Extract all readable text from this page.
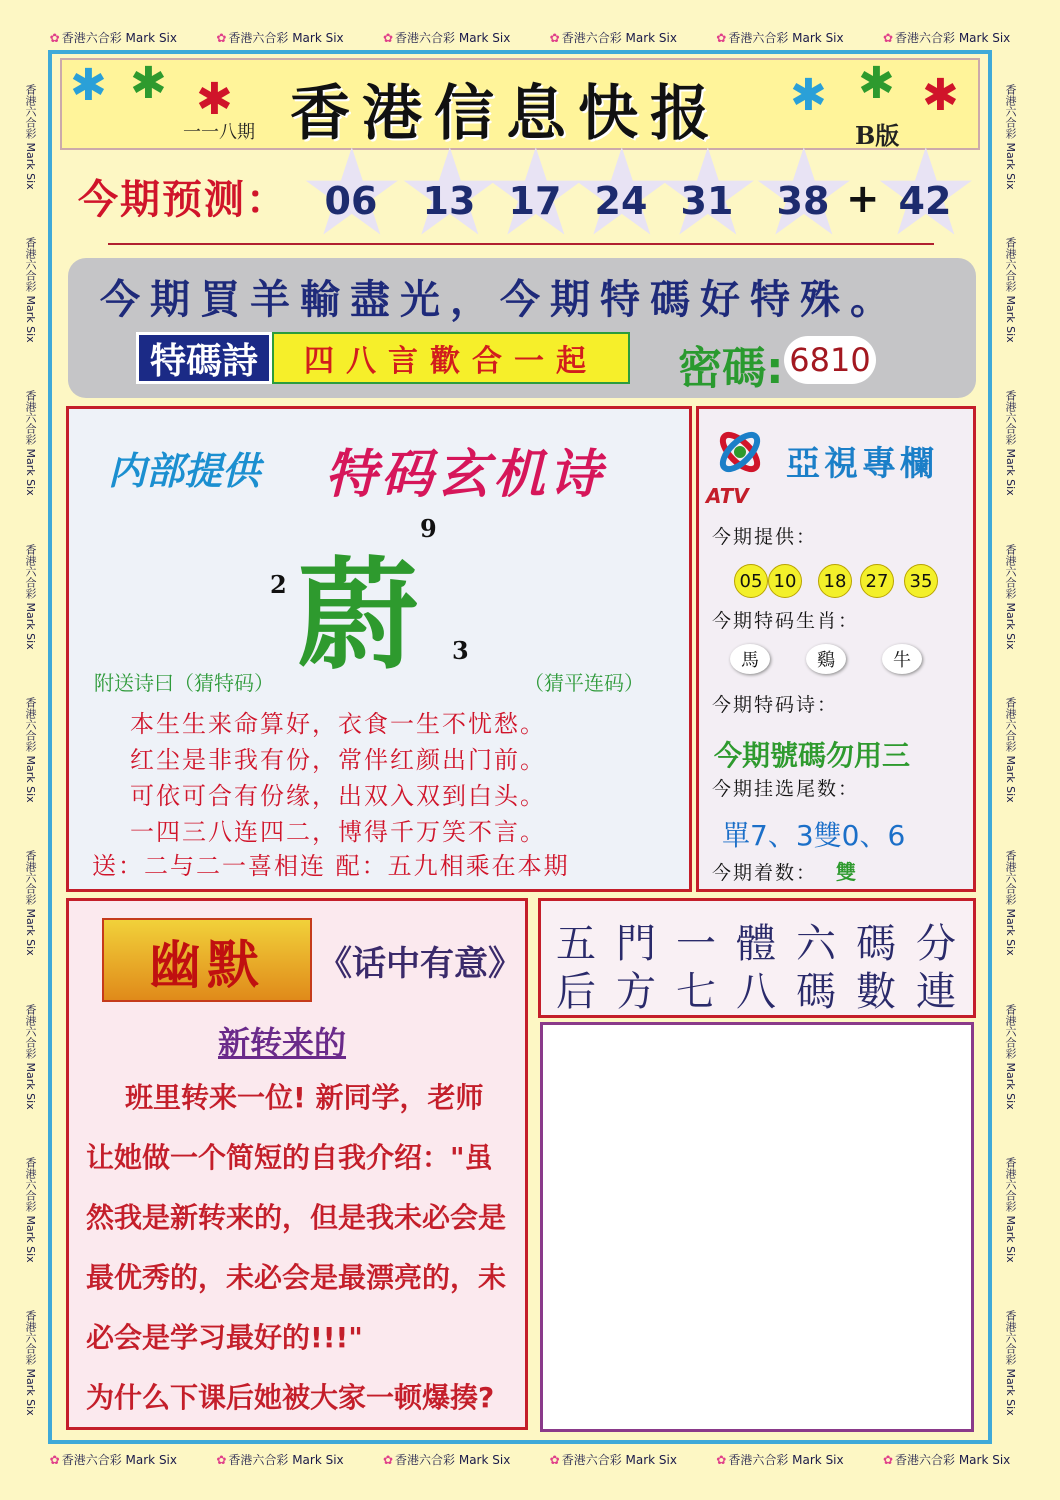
✿ 香港六合彩 Mark Six	✿ 香港六合彩 Mark Six	✿ 香港六合彩 Mark Six	✿ 香港六合彩 Mark Six	✿ 香港六合彩 Mark Six	✿ 香港六合彩 Mark Six
✿ 香港六合彩 Mark Six	✿ 香港六合彩 Mark Six	✿ 香港六合彩 Mark Six	✿ 香港六合彩 Mark Six	✿ 香港六合彩 Mark Six	✿ 香港六合彩 Mark Six
香港六合彩 Mark Six
香港六合彩 Mark Six
香港六合彩 Mark Six
香港六合彩 Mark Six
香港六合彩 Mark Six
香港六合彩 Mark Six
香港六合彩 Mark Six
香港六合彩 Mark Six
香港六合彩 Mark Six
香港六合彩 Mark Six
香港六合彩 Mark Six
香港六合彩 Mark Six
香港六合彩 Mark Six
香港六合彩 Mark Six
香港六合彩 Mark Six
香港六合彩 Mark Six
香港六合彩 Mark Six
香港六合彩 Mark Six
✱ ✱ ✱	✱ ✱ ✱
香港信息快报
一一八期	B版
今期预测： ★ 06 ★ 13 ★ 17 ★ 24 ★ 31 ★ 38 + ★ 42
今期買羊輸盡光，今期特碼好特殊。
特碼詩	四八言歡合一起	密碼: 6810
内部提供 特码玄机诗
9
2
3
蔚
附送诗曰（猜特码）	（猜平连码）
本生生来命算好，衣食一生不忧愁。
红尘是非我有份，常伴红颜出门前。
可依可合有份缘，出双入双到白头。
一四三八连四二，博得千万笑不言。
送：二与二一喜相连 配：五九相乘在本期
ATV
亞視專欄
今期提供：
05 10	18	27	35
今期特码生肖：
馬	鷄	牛
今期特码诗：
今期號碼勿用三
今期挂选尾数：
單7、3雙0、6
今期着数： 雙
幽默	《话中有意》
新转来的
班里转来一位! 新同学，老师
让她做一个简短的自我介绍："虽
然我是新转来的，但是我未必会是
最优秀的，未必会是最漂亮的，未
必会是学习最好的!!!"
为什么下课后她被大家一顿爆揍?
五門一體六碼分
后方七八碼數連
